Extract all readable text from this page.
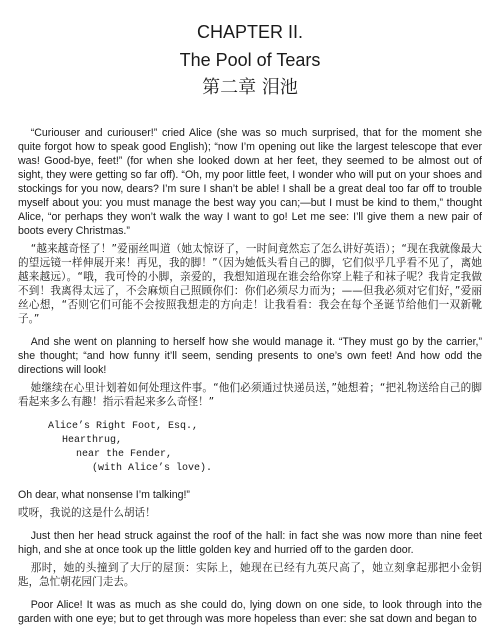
CHAPTER II.
The Pool of Tears
第二章 泪池

“Curiouser and curiouser!” cried Alice (she was so much surprised, that for the moment she quite forgot how to speak good English); “now I’m opening out like the largest telescope that ever was! Good-bye, feet!” (for when she looked down at her feet, they seemed to be almost out of sight, they were getting so far off). “Oh, my poor little feet, I wonder who will put on your shoes and stockings for you now, dears? I’m sure I shan’t be able! I shall be a great deal too far off to trouble myself about you: you must manage the best way you can;—but I must be kind to them,” thought Alice, “or perhaps they won’t walk the way I want to go! Let me see: I’ll give them a new pair of boots every Christmas.”

“越来越奇怪了！”爱丽丝叫道（她太惊讶了，一时间竟然忘了怎么讲好英语）；“现在我就像最大的望远镜一样伸展开来！再见，我的脚！”（因为她低头看自己的脚，它们似乎几乎看不见了，离她越来越远）。“哦，我可怜的小脚，亲爱的，我想知道现在谁会给你穿上鞋子和袜子呢？我肯定我做不到！我离得太远了，不会麻烦自己照顾你们：你们必须尽力而为；——但我必须对它们好，”爱丽丝心想，“否则它们可能不会按照我想走的方向走！让我看看：我会在每个圣诞节给他们一双新靴子。”

And she went on planning to herself how she would manage it. “They must go by the carrier,” she thought; “and how funny it’ll seem, sending presents to one’s own feet! And how odd the directions will look!

她继续在心里计划着如何处理这件事。“他们必须通过快递员送，”她想着；“把礼物送给自己的脚看起来多么有趣！指示看起来多么奇怪！”

Alice’s Right Foot, Esq.,
Hearthrug,
near the Fender,
(with Alice’s love).

Oh dear, what nonsense I’m talking!”

哎呀，我说的这是什么胡话！

Just then her head struck against the roof of the hall: in fact she was now more than nine feet high, and she at once took up the little golden key and hurried off to the garden door.

那时，她的头撞到了大厅的屋顶：实际上，她现在已经有九英尺高了，她立刻拿起那把小金钥匙，急忙朝花园门走去。

Poor Alice! It was as much as she could do, lying down on one side, to look through into the garden with one eye; but to get through was more hopeless than ever: she sat down and began to
